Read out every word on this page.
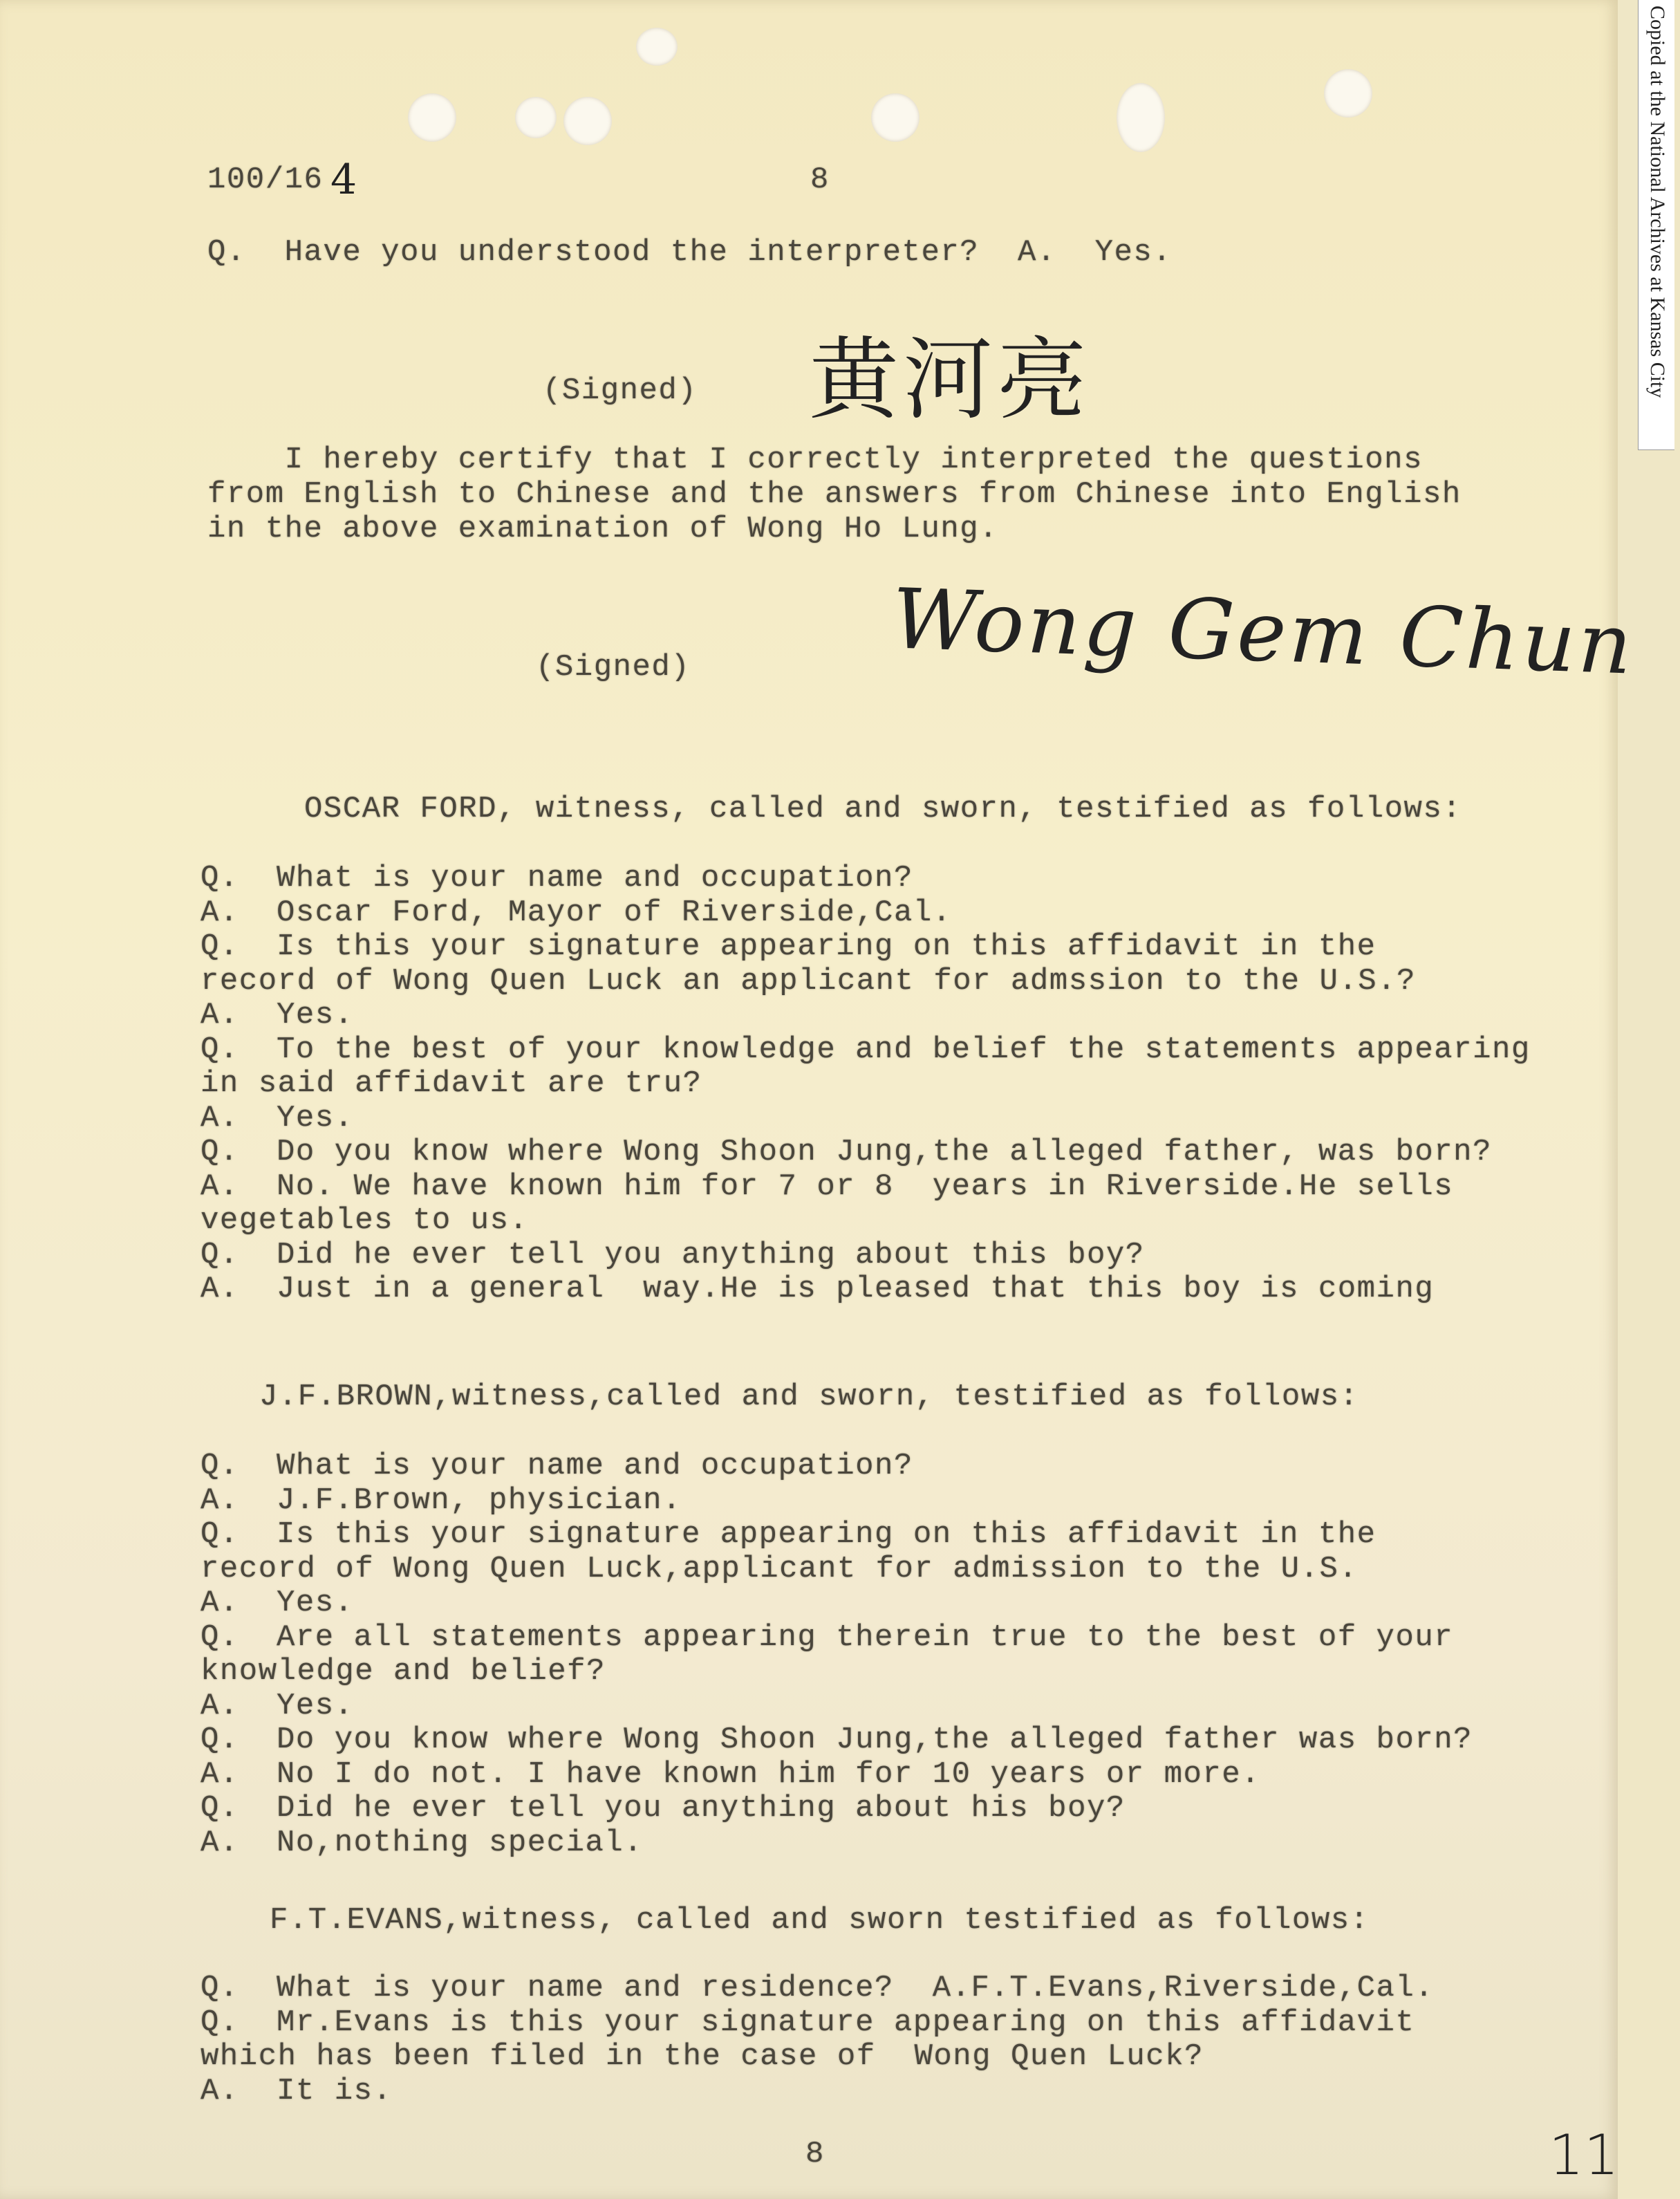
Copied at the National Archives at Kansas City
100/16 4	8
Q.  Have you understood the interpreter?  A.  Yes.
(Signed) 黄河亮
I hereby certify that I correctly interpreted the questions
from English to Chinese and the answers from Chinese into English
in the above examination of Wong Ho Lung.
(Signed) Wong Gem Chun
OSCAR FORD, witness, called and sworn, testified as follows:
Q. What is your name and occupation?
A. Oscar Ford, Mayor of Riverside,Cal.
Q. Is this your signature appearing on this affidavit in the
record of Wong Quen Luck an applicant for admssion to the U.S.?
A. Yes.
Q. To the best of your knowledge and belief the statements appearing
in said affidavit are tru?
A. Yes.
Q. Do you know where Wong Shoon Jung,the alleged father, was born?
A. No. We have known him for 7 or 8  years in Riverside.He sells
vegetables to us.
Q. Did he ever tell you anything about this boy?
A. Just in a general  way.He is pleased that this boy is coming
J.F.BROWN,witness,called and sworn, testified as follows:
Q. What is your name and occupation?
A. J.F.Brown, physician.
Q. Is this your signature appearing on this affidavit in the
record of Wong Quen Luck,applicant for admission to the U.S.
A. Yes.
Q. Are all statements appearing therein true to the best of your
knowledge and belief?
A. Yes.
Q. Do you know where Wong Shoon Jung,the alleged father was born?
A. No I do not. I have known him for 10 years or more.
Q. Did he ever tell you anything about his boy?
A. No,nothing special.
F.T.EVANS,witness, called and sworn testified as follows:
Q. What is your name and residence?  A.F.T.Evans,Riverside,Cal.
Q. Mr.Evans is this your signature appearing on this affidavit
which has been filed in the case of  Wong Quen Luck?
A. It is.
8	11
